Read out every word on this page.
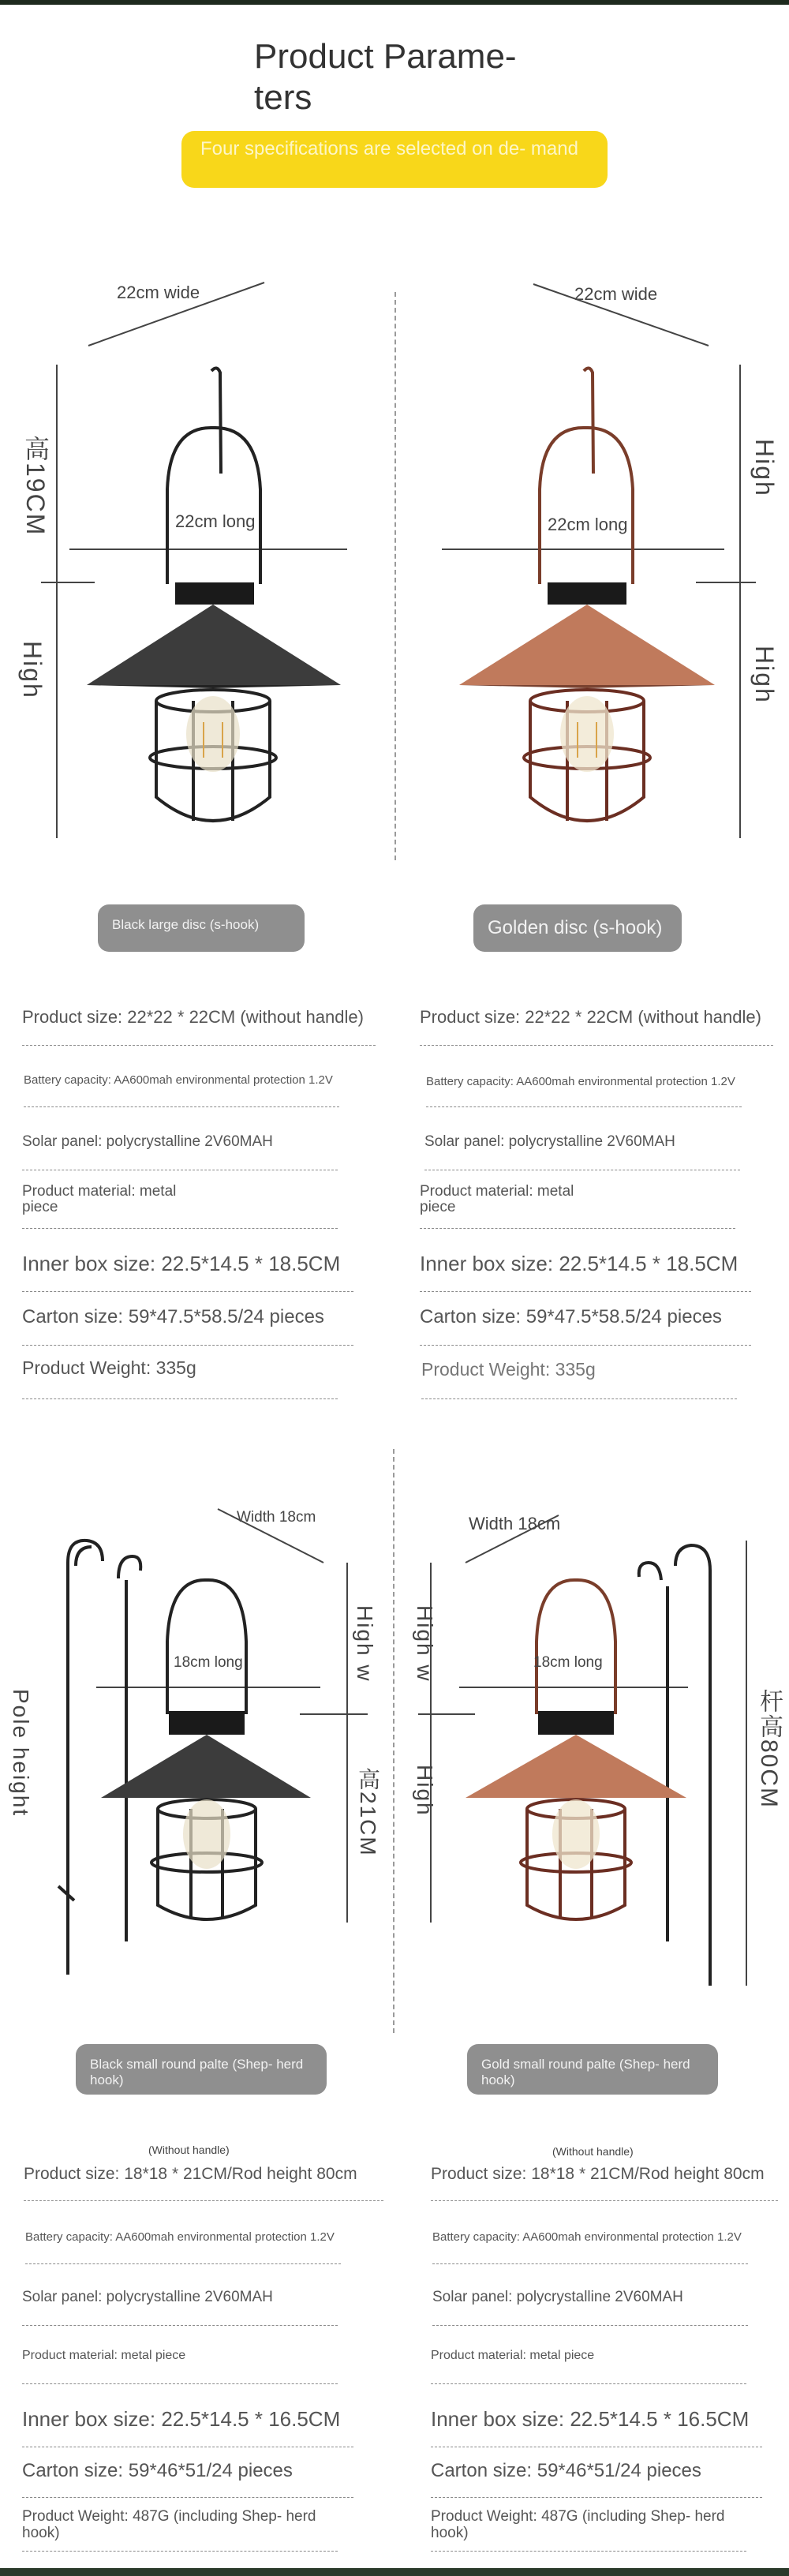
Product Parame- ters
Four specifications are selected on de- mand
22cm wide
22cm long
高19CM
High
22cm wide
22cm long
High
High
Black large disc (s-hook)	Golden disc (s-hook)
Product size: 22*22 * 22CM (without handle)
Battery capacity: AA600mah environmental protection 1.2V
Solar panel: polycrystalline 2V60MAH
Product material: metal piece
Inner box size: 22.5*14.5 * 18.5CM
Carton size: 59*47.5*58.5/24 pieces
Product Weight: 335g
Product size: 22*22 * 22CM (without handle)
Battery capacity: AA600mah environmental protection 1.2V
Solar panel: polycrystalline 2V60MAH
Product material: metal piece
Inner box size: 22.5*14.5 * 18.5CM
Carton size: 59*47.5*58.5/24 pieces
Product Weight: 335g
Width 18cm
18cm long
Pole height
High w
高21CM
Width 18cm
18cm long
High w
High	杆高80CM
Black small round palte (Shep- herd hook)
Gold small round palte (Shep- herd hook)
(Without handle)
Product size: 18*18 * 21CM/Rod height 80cm
Battery capacity: AA600mah environmental protection 1.2V
Solar panel: polycrystalline 2V60MAH
Product material: metal piece
Inner box size: 22.5*14.5 * 16.5CM
Carton size: 59*46*51/24 pieces
Product Weight: 487G (including Shep- herd hook)
(Without handle)
Product size: 18*18 * 21CM/Rod height 80cm
Battery capacity: AA600mah environmental protection 1.2V
Solar panel: polycrystalline 2V60MAH
Product material: metal piece
Inner box size: 22.5*14.5 * 16.5CM
Carton size: 59*46*51/24 pieces
Product Weight: 487G (including Shep- herd hook)
